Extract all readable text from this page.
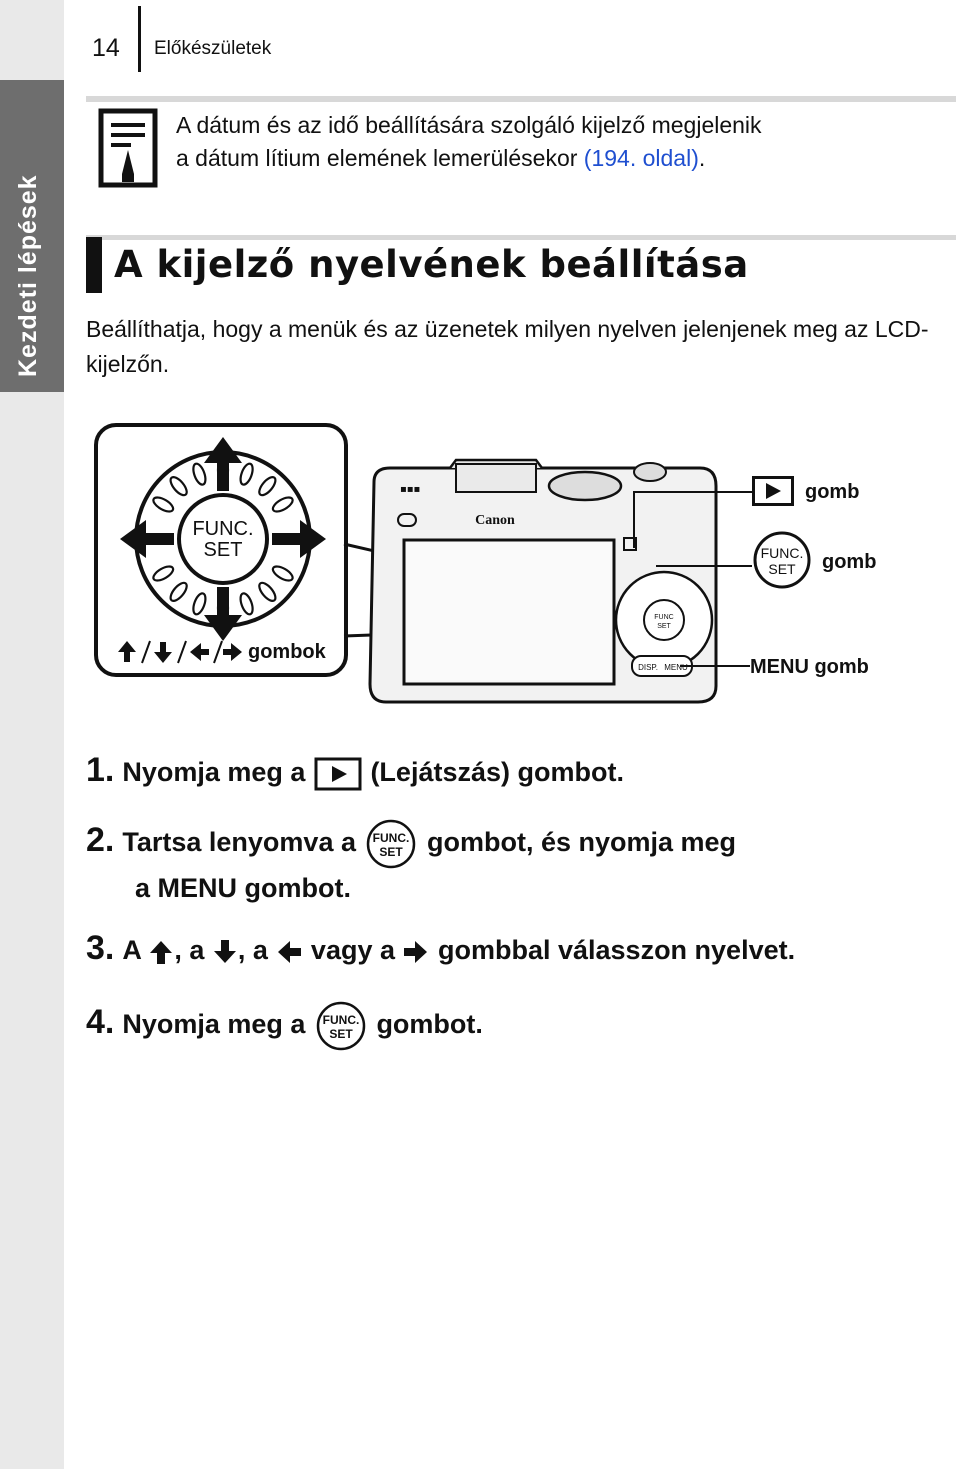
Kezdeti lépések
14 Előkészületek
A dátum és az idő beállítására szolgáló kijelző megjelenik
a dátum lítium elemének lemerülésekor (194. oldal).
A kijelző nyelvének beállítása
Beállíthatja, hogy a menük és az üzenetek milyen nyelven jelenjenek meg az LCD-kijelzőn.
FUNC.
SET
gombok
▪▪▪
Canon
FUNC
SET
DISP. MENU
gomb
FUNC.
SET gomb
MENU gomb
1. Nyomja meg a  (Lejátszás) gombot.
2. Tartsa lenyomva a FUNC.
SET gombot, és nyomja meg
a MENU gombot.
3. A , a , a  vagy a  gombbal válasszon nyelvet.
4. Nyomja meg a FUNC.
SET gombot.
